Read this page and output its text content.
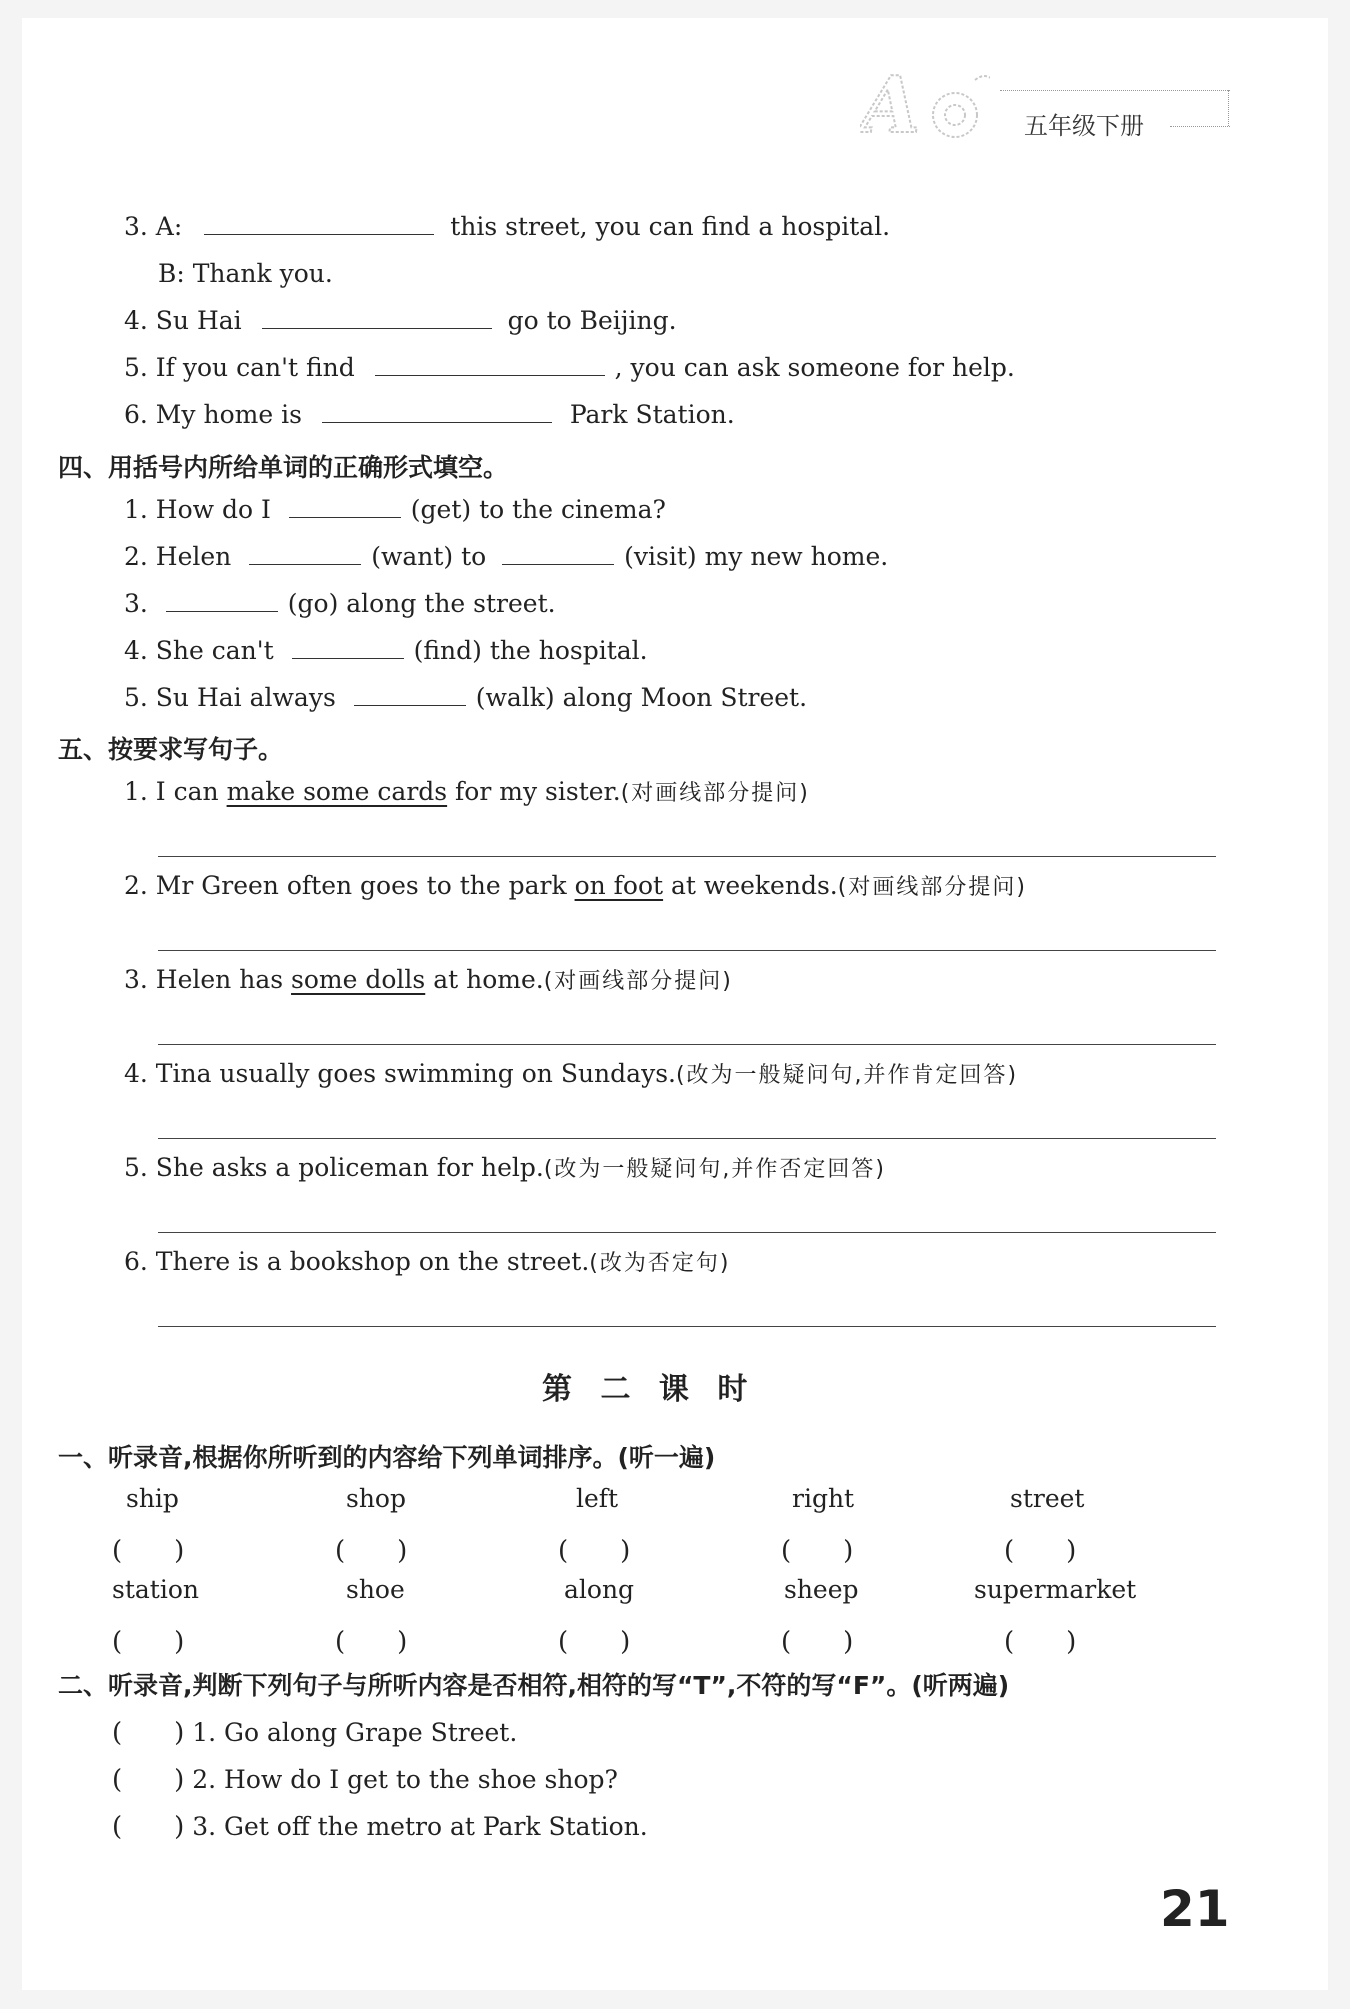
A	五年级下册
3. A:	this street, you can find a hospital.
B: Thank you.
4. Su Hai	go to Beijing.
5. If you can't find	, you can ask someone for help.
6. My home is	Park Station.
四、用括号内所给单词的正确形式填空。
1. How do I	(get) to the cinema?
2. Helen	(want) to	(visit) my new home.
3.	(go) along the street.
4. She can't	(find) the hospital.
5. Su Hai always	(walk) along Moon Street.
五、按要求写句子。
1. I can make some cards for my sister.(对画线部分提问)
2. Mr Green often goes to the park on foot at weekends.(对画线部分提问)
3. Helen has some dolls at home.(对画线部分提问)
4. Tina usually goes swimming on Sundays.(改为一般疑问句,并作肯定回答)
5. She asks a policeman for help.(改为一般疑问句,并作否定回答)
6. There is a bookshop on the street.(改为否定句)
第 二 课 时
一、听录音,根据你所听到的内容给下列单词排序。(听一遍)
ship	shop	left	right	street
(　　)	(　　)	(　　)	(　　)	(　　)
station	shoe	along	sheep	supermarket
(　　)	(　　)	(　　)	(　　)	(　　)
二、听录音,判断下列句子与所听内容是否相符,相符的写“T”,不符的写“F”。(听两遍)
(　　) 1. Go along Grape Street.
(　　) 2. How do I get to the shoe shop?
(　　) 3. Get off the metro at Park Station.
21
